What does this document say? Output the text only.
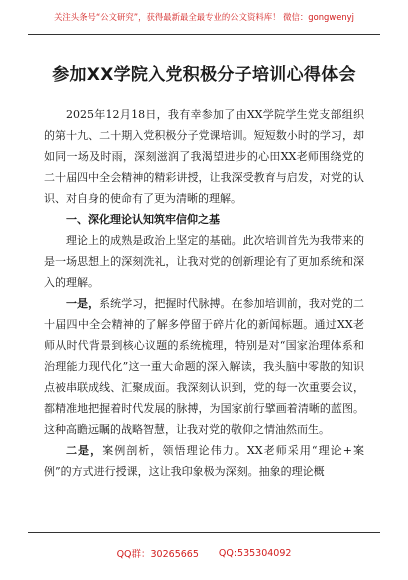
关注头条号“公文研究”，获得最新最全最专业的公文资料库！ 微信：gongwenyj
参加XX学院入党积极分子培训心得体会

2025年12月18日，我有幸参加了由XX学院学生党支部组织的第十九、二十期入党积极分子党课培训。短短数小时的学习，却如同一场及时雨，深刻滋润了我渴望进步的心田XX老师围绕党的二十届四中全会精神的精彩讲授，让我深受教育与启发，对党的认识、对自身的使命有了更为清晰的理解。

一、深化理论认知筑牢信仰之基

理论上的成熟是政治上坚定的基础。此次培训首先为我带来的是一场思想上的深刻洗礼，让我对党的创新理论有了更加系统和深入的理解。

一是，系统学习，把握时代脉搏。在参加培训前，我对党的二十届四中全会精神的了解多停留于碎片化的新闻标题。通过XX老师从时代背景到核心议题的系统梳理，特别是对“国家治理体系和治理能力现代化”这一重大命题的深入解读，我头脑中零散的知识点被串联成线、汇聚成面。我深刻认识到，党的每一次重要会议，都精准地把握着时代发展的脉搏，为国家前行擘画着清晰的蓝图。这种高瞻远瞩的战略智慧，让我对党的敬仰之情油然而生。

二是，案例剖析，领悟理论伟力。XX老师采用“理论+案例”的方式进行授课，这让我印象极为深刻。抽象的理论概

QQ群：30265665 QQ:535304092
